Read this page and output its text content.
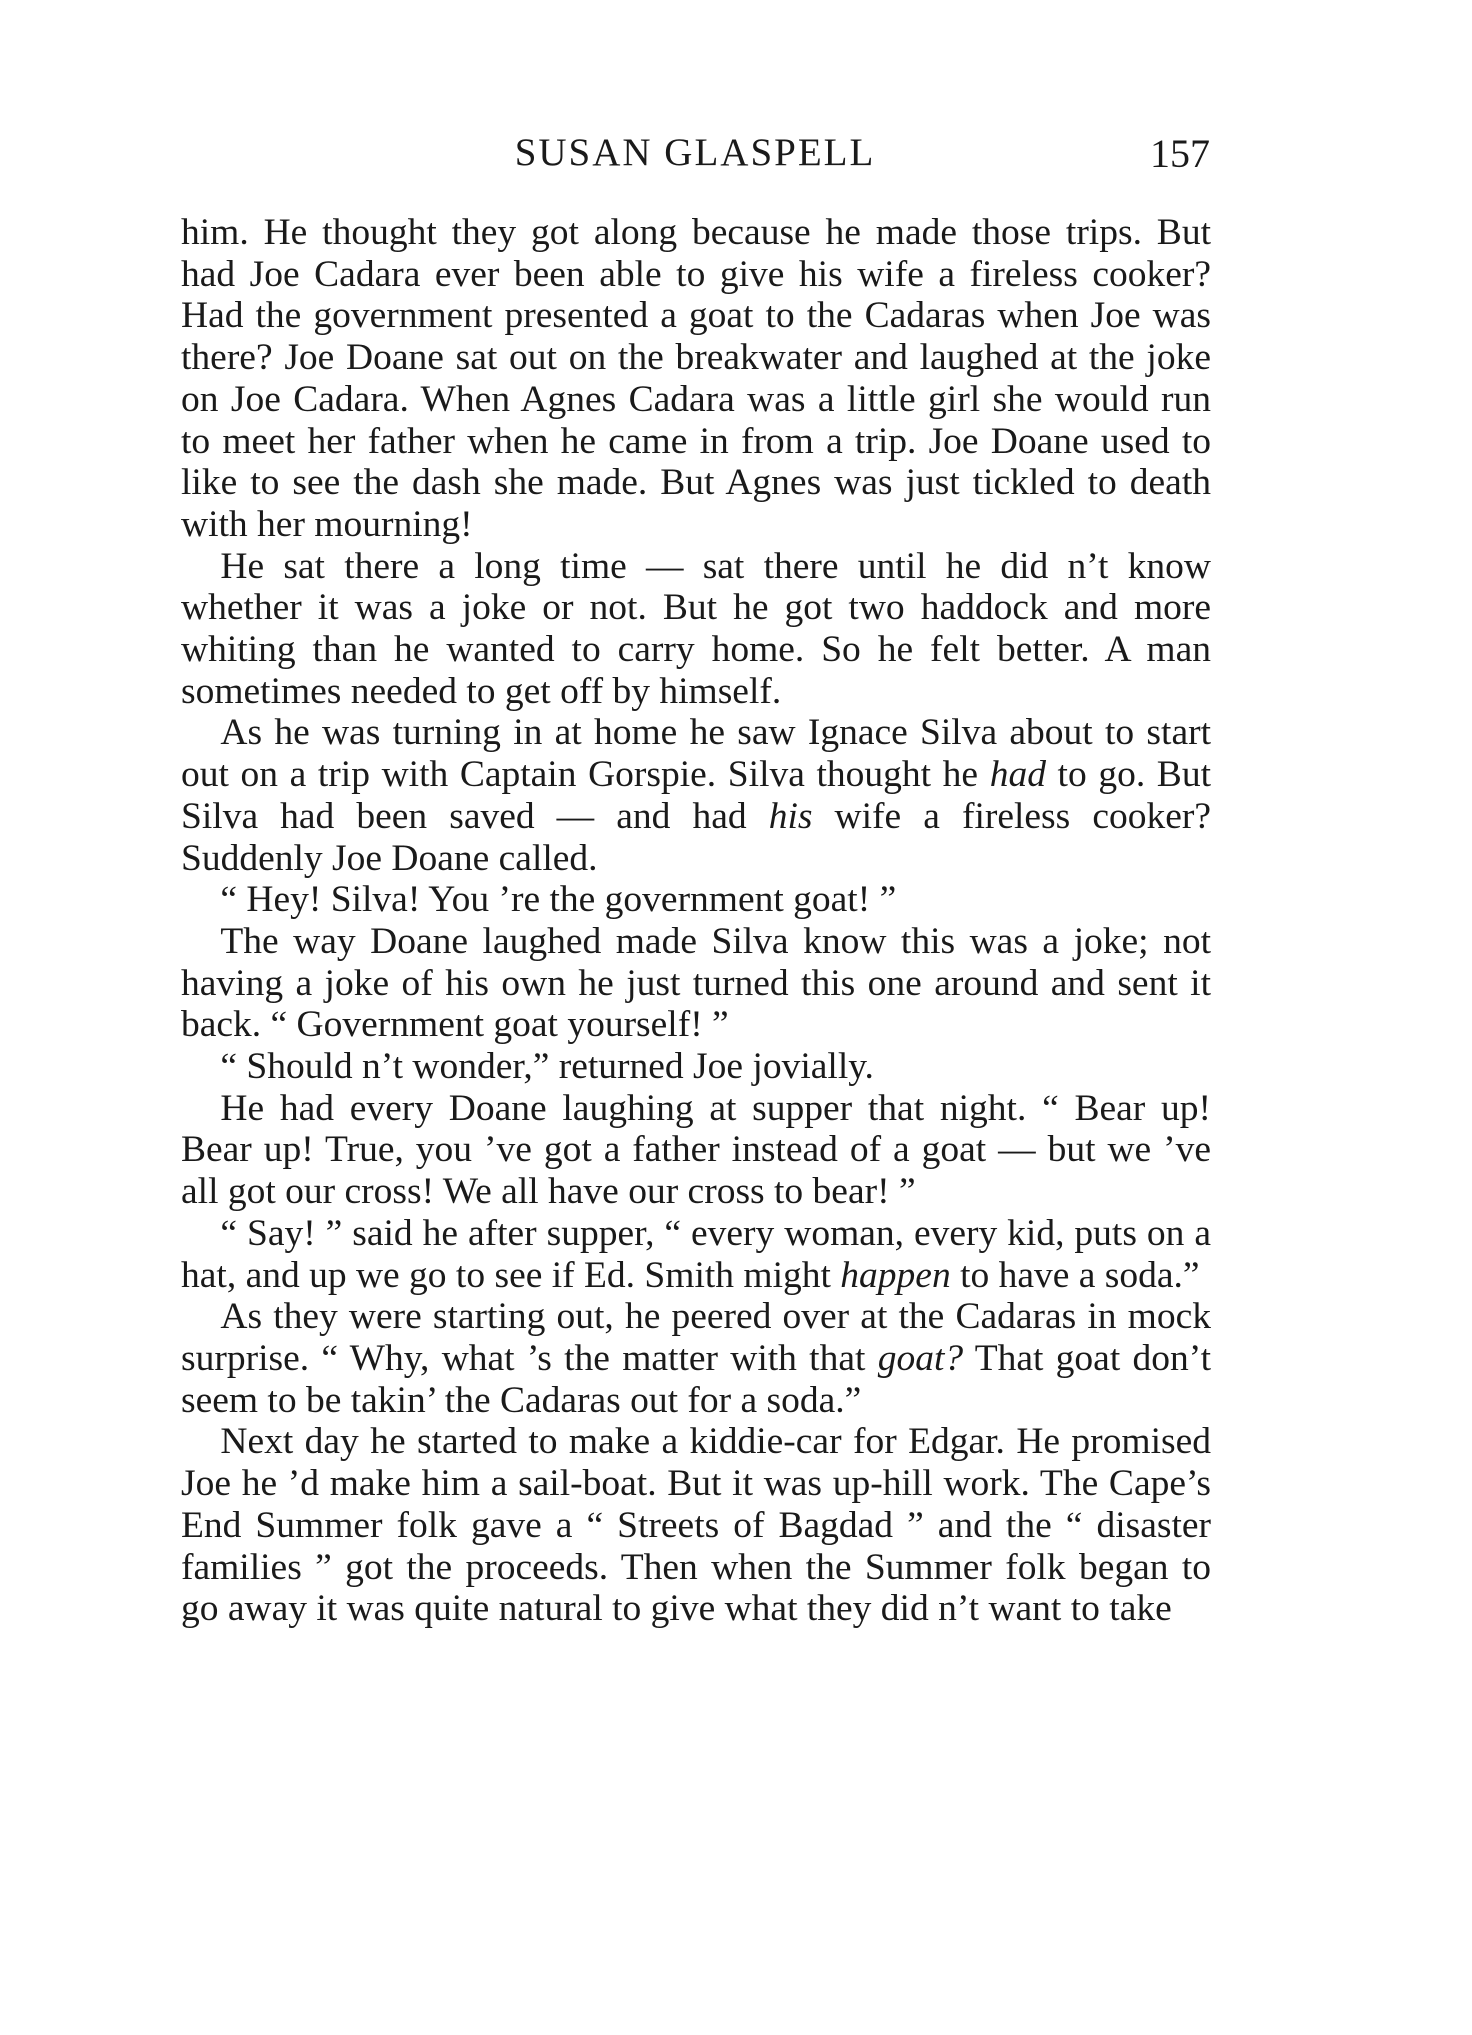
SUSAN GLASPELL	157

him. He thought they got along because he made those trips. But had Joe Cadara ever been able to give his wife a fireless cooker? Had the government presented a goat to the Cadaras when Joe was there? Joe Doane sat out on the breakwater and laughed at the joke on Joe Cadara. When Agnes Cadara was a little girl she would run to meet her father when he came in from a trip. Joe Doane used to like to see the dash she made. But Agnes was just tickled to death with her mourning!

He sat there a long time — sat there until he did n’t know whether it was a joke or not. But he got two haddock and more whiting than he wanted to carry home. So he felt better. A man sometimes needed to get off by himself.

As he was turning in at home he saw Ignace Silva about to start out on a trip with Captain Gorspie. Silva thought he had to go. But Silva had been saved — and had his wife a fireless cooker? Suddenly Joe Doane called.

“ Hey! Silva! You ’re the government goat! ”

The way Doane laughed made Silva know this was a joke; not having a joke of his own he just turned this one around and sent it back. “ Government goat yourself! ”

“ Should n’t wonder,” returned Joe jovially.

He had every Doane laughing at supper that night. “ Bear up! Bear up! True, you ’ve got a father instead of a goat — but we ’ve all got our cross! We all have our cross to bear! ”

“ Say! ” said he after supper, “ every woman, every kid, puts on a hat, and up we go to see if Ed. Smith might happen to have a soda.”

As they were starting out, he peered over at the Cadaras in mock surprise. “ Why, what ’s the matter with that goat? That goat don’t seem to be takin’ the Cadaras out for a soda.”

Next day he started to make a kiddie-car for Edgar. He promised Joe he ’d make him a sail-boat. But it was up-hill work. The Cape’s End Summer folk gave a “ Streets of Bagdad ” and the “ disaster families ” got the proceeds. Then when the Summer folk began to go away it was quite natural to give what they did n’t want to take
